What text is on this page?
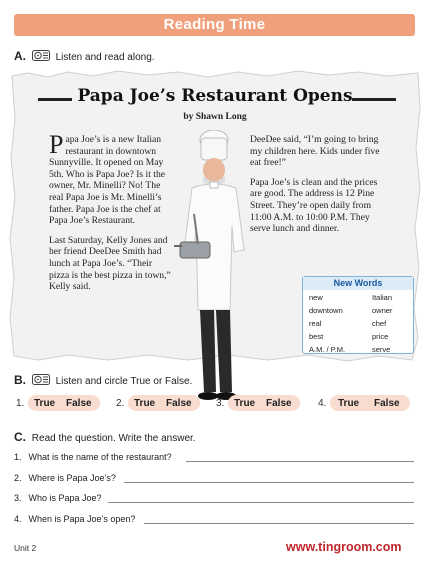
Reading Time
A.	Listen and read along.
Papa Joe’s Restaurant Opens
by Shawn Long

Papa Joe’s is a new Italian restaurant in downtown Sunnyville. It opened on May 5th. Who is Papa Joe? Is it the owner, Mr. Minelli? No! The real Papa Joe is Mr. Minelli’s father. Papa Joe is the chef at Papa Joe’s Restaurant.

Last Saturday, Kelly Jones and her friend DeeDee Smith had lunch at Papa Joe’s. “Their pizza is the best pizza in town,” Kelly said.

DeeDee said, “I’m going to bring my children here. Kids under five eat free!”

Papa Joe’s is clean and the prices are good. The address is 12 Pine Street. They’re open daily from 11:00 A.M. to 10:00 P.M. They serve lunch and dinner.

New Words
new	Italian
downtown	owner
real	chef
best	price
A.M. / P.M.	serve
B.	Listen and circle True or False.
1. True False 2. True False 3. True False	4. True False
C. Read the question. Write the answer.
1. What is the name of the restaurant?
2. Where is Papa Joe’s?
3. Who is Papa Joe?
4. When is Papa Joe’s open?
Unit 2	www.tingroom.com
